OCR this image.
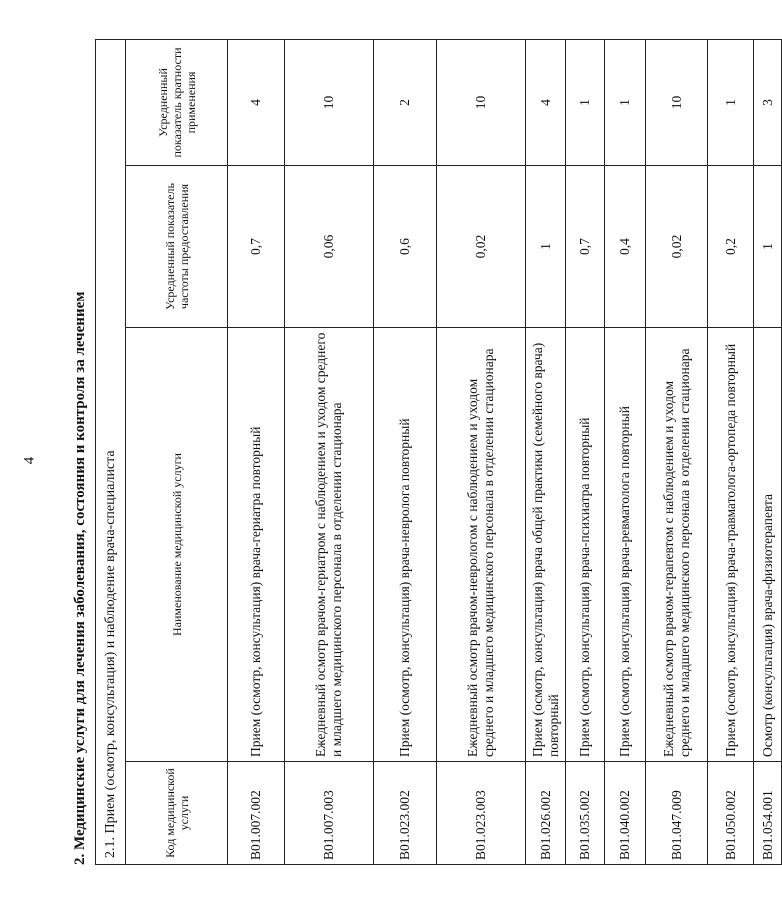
4	2. Медицинские услуги для лечения заболевания, состояния и контроля за лечением	2.1. Прием (осмотр, консультация) и наблюдение врача-специалиста			
Код медицинской услуги	Наименование медицинской услуги	Усредненный показатель частоты предоставления	Усредненный показатель кратности применения
B01.007.002	Прием (осмотр, консультация) врача-гериатра повторный	0,7	4
B01.007.003	Ежедневный осмотр врачом-гериатром с наблюдением и уходом среднего и младшего медицинского персонала в отделении стационара	0,06	10
B01.023.002	Прием (осмотр, консультация) врача-невролога повторный	0,6	2
B01.023.003	Ежедневный осмотр врачом-неврологом с наблюдением и уходом среднего и младшего медицинского персонала в отделении стационара	0,02	10
B01.026.002	Прием (осмотр, консультация) врача общей практики (семейного врача) повторный	1	4
B01.035.002	Прием (осмотр, консультация) врача-психиатра повторный	0,7	1
B01.040.002	Прием (осмотр, консультация) врача-ревматолога повторный	0,4	1
B01.047.009	Ежедневный осмотр врачом-терапевтом с наблюдением и уходом среднего и младшего медицинского персонала в отделении стационара	0,02	10
B01.050.002	Прием (осмотр, консультация) врача-травматолога-ортопеда повторный	0,2	1
B01.054.001	Осмотр (консультация) врача-физиотерапевта	1	3
